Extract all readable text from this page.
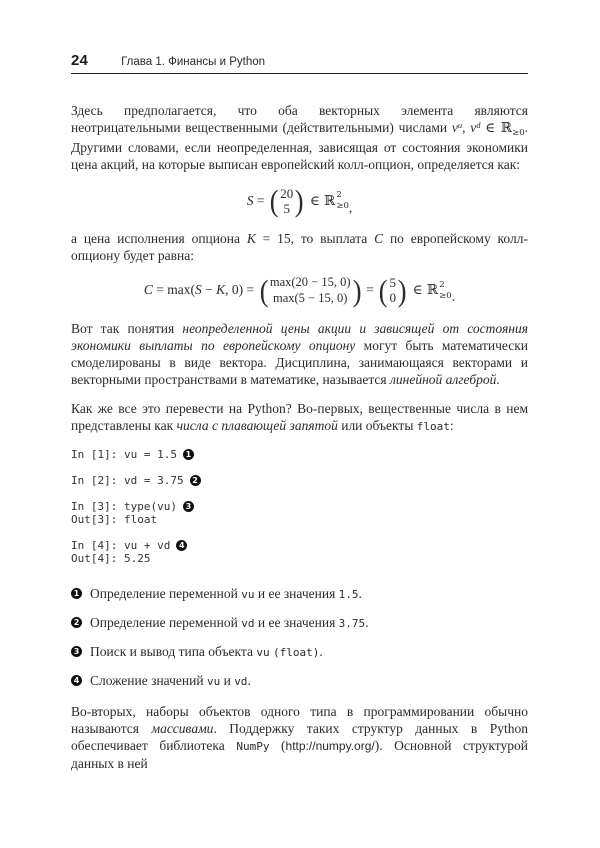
24	Глава 1. Финансы и Python

Здесь предполагается, что оба векторных элемента являются неотрицательными вещественными (действительными) числами $v^u$, $v^d$ ∈ ℝ$_{\ge 0}$. Другими словами, если неопределенная, зависящая от состояния экономики цена акций, на которые выписан европейский колл-опцион, определяется как:

S = ( 20
5 ) ∈ ℝ 2
≥0 ,

а цена исполнения опциона K = 15, то выплата C по европейскому колл-опциону будет равна:

C = max(S − K, 0) = ( max(20 − 15, 0)
max(5 − 15, 0) ) = ( 5
0 ) ∈ ℝ 2
≥0 .

Вот так понятия неопределенной цены акции и зависящей от состояния экономики выплаты по европейскому опциону могут быть математически смоделированы в виде вектора. Дисциплина, занимающаяся векторами и векторными пространствами в математике, называется линейной алгеброй.

Как же все это перевести на Python? Во-первых, вещественные числа в нем представлены как числа с плавающей запятой или объекты float:

In [1]: vu = 1.5	1

In [2]: vd = 3.75	2

In [3]: type(vu)	3
Out[3]: float

In [4]: vu + vd	4
Out[4]: 5.25
1 Определение переменной vu и ее значения 1.5.
2 Определение переменной vd и ее значения 3.75.
3 Поиск и вывод типа объекта vu (float).
4 Сложение значений vu и vd.

Во-вторых, наборы объектов одного типа в программировании обычно называются массивами. Поддержку таких структур данных в Python обеспечивает библиотека NumPy (http://numpy.org/). Основной структурой данных в ней
